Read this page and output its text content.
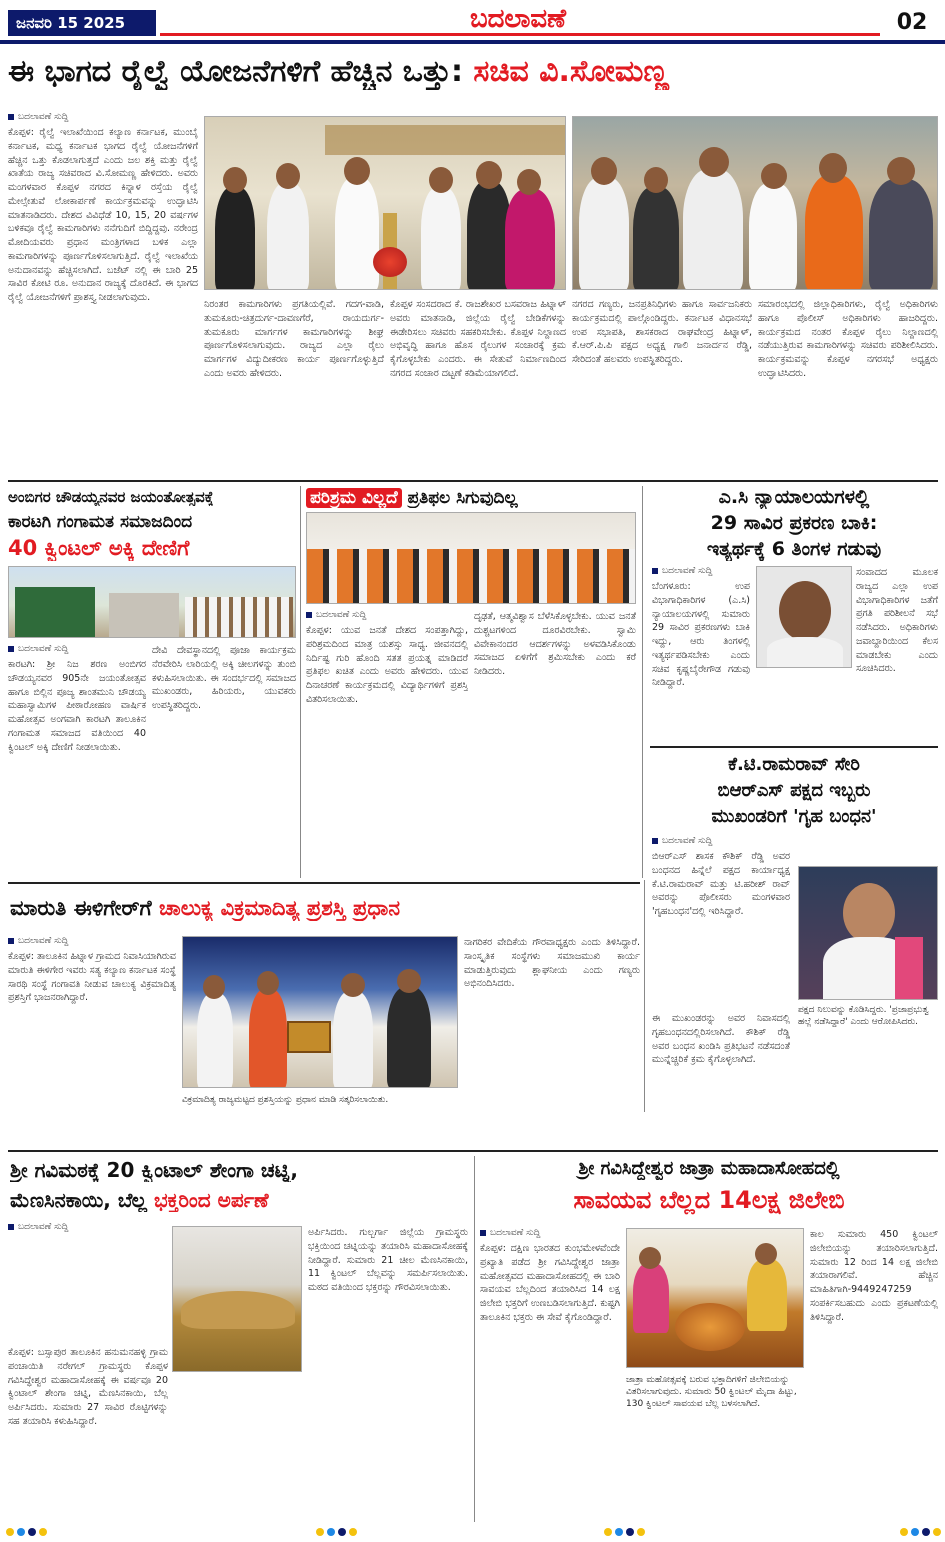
ಜನವರಿ 15 2025	ಬದಲಾವಣೆ	02
ಈ ಭಾಗದ ರೈಲ್ವೆ ಯೋಜನೆಗಳಿಗೆ ಹೆಚ್ಚಿನ ಒತ್ತು: ಸಚಿವ ವಿ.ಸೋಮಣ್ಣ
ಬದಲಾವಣೆ ಸುದ್ದಿ
ಕೊಪ್ಪಳ: ರೈಲ್ವೆ ಇಲಾಖೆಯಿಂದ ಕಲ್ಯಾಣ ಕರ್ನಾಟಕ, ಮುಂಬೈ ಕರ್ನಾಟಕ, ಮಧ್ಯ ಕರ್ನಾಟಕ ಭಾಗದ ರೈಲ್ವೆ ಯೋಜನೆಗಳಿಗೆ ಹೆಚ್ಚಿನ ಒತ್ತು ಕೊಡಲಾಗುತ್ತದೆ ಎಂದು ಜಲ ಶಕ್ತಿ ಮತ್ತು ರೈಲ್ವೆ ಖಾತೆಯ ರಾಜ್ಯ ಸಚಿವರಾದ ವಿ.ಸೋಮಣ್ಣ ಹೇಳಿದರು. ಅವರು ಮಂಗಳವಾರ ಕೊಪ್ಪಳ ನಗರದ ಕಿನ್ನಾಳ ರಸ್ತೆಯ ರೈಲ್ವೆ ಮೇಲ್ಸೇತುವೆ ಲೋಕಾರ್ಪಣೆ ಕಾರ್ಯಕ್ರಮವನ್ನು ಉದ್ಘಾಟಿಸಿ ಮಾತನಾಡಿದರು. ದೇಶದ ವಿವಿಧೆಡೆ 10, 15, 20 ವರ್ಷಗಳ ಬಳಿಕವೂ ರೈಲ್ವೆ ಕಾಮಗಾರಿಗಳು ನನೆಗುದಿಗೆ ಬಿದ್ದಿದ್ದವು. ನರೇಂದ್ರ ಮೋದಿಯವರು ಪ್ರಧಾನ ಮಂತ್ರಿಗಳಾದ ಬಳಿಕ ಎಲ್ಲಾ ಕಾಮಗಾರಿಗಳನ್ನು ಪೂರ್ಣಗೊಳಿಸಲಾಗುತ್ತಿದೆ. ರೈಲ್ವೆ ಇಲಾಖೆಯ ಅನುದಾನವನ್ನು ಹೆಚ್ಚಿಸಲಾಗಿದೆ. ಬಜೆಟ್ ನಲ್ಲಿ ಈ ಬಾರಿ 25 ಸಾವಿರ ಕೋಟಿ ರೂ. ಅನುದಾನ ರಾಜ್ಯಕ್ಕೆ ದೊರಕಿದೆ. ಈ ಭಾಗದ ರೈಲ್ವೆ ಯೋಜನೆಗಳಿಗೆ ಪ್ರಾಶಸ್ತ್ಯ ನೀಡಲಾಗುವುದು.
ನಿರಂತರ ಕಾಮಗಾರಿಗಳು ಪ್ರಗತಿಯಲ್ಲಿವೆ. ಗದಗ-ವಾಡಿ, ತುಮಕೂರು-ಚಿತ್ರದುರ್ಗ-ದಾವಣಗೆರೆ, ರಾಯದುರ್ಗ-ತುಮಕೂರು ಮಾರ್ಗಗಳ ಕಾಮಗಾರಿಗಳನ್ನು ಶೀಘ್ರ ಪೂರ್ಣಗೊಳಿಸಲಾಗುವುದು. ರಾಜ್ಯದ ಎಲ್ಲಾ ರೈಲು ಮಾರ್ಗಗಳ ವಿದ್ಯುದೀಕರಣ ಕಾರ್ಯ ಪೂರ್ಣಗೊಳ್ಳುತ್ತಿದೆ ಎಂದು ಅವರು ಹೇಳಿದರು.
ಕೊಪ್ಪಳ ಸಂಸದರಾದ ಕೆ. ರಾಜಶೇಖರ ಬಸವರಾಜ ಹಿಟ್ನಾಳ್ ಅವರು ಮಾತನಾಡಿ, ಜಿಲ್ಲೆಯ ರೈಲ್ವೆ ಬೇಡಿಕೆಗಳನ್ನು ಈಡೇರಿಸಲು ಸಚಿವರು ಸಹಕರಿಸಬೇಕು. ಕೊಪ್ಪಳ ನಿಲ್ದಾಣದ ಅಭಿವೃದ್ಧಿ ಹಾಗೂ ಹೊಸ ರೈಲುಗಳ ಸಂಚಾರಕ್ಕೆ ಕ್ರಮ ಕೈಗೊಳ್ಳಬೇಕು ಎಂದರು. ಈ ಸೇತುವೆ ನಿರ್ಮಾಣದಿಂದ ನಗರದ ಸಂಚಾರ ದಟ್ಟಣೆ ಕಡಿಮೆಯಾಗಲಿದೆ.
ನಗರದ ಗಣ್ಯರು, ಜನಪ್ರತಿನಿಧಿಗಳು ಹಾಗೂ ಸಾರ್ವಜನಿಕರು ಕಾರ್ಯಕ್ರಮದಲ್ಲಿ ಪಾಲ್ಗೊಂಡಿದ್ದರು. ಕರ್ನಾಟಕ ವಿಧಾನಸಭೆ ಉಪ ಸಭಾಪತಿ, ಶಾಸಕರಾದ ರಾಘವೇಂದ್ರ ಹಿಟ್ನಾಳ್, ಕೆ.ಆರ್.ಪಿ.ಪಿ ಪಕ್ಷದ ಅಧ್ಯಕ್ಷ ಗಾಲಿ ಜನಾರ್ದನ ರೆಡ್ಡಿ, ಸೇರಿದಂತೆ ಹಲವರು ಉಪಸ್ಥಿತರಿದ್ದರು.
ಸಮಾರಂಭದಲ್ಲಿ ಜಿಲ್ಲಾಧಿಕಾರಿಗಳು, ರೈಲ್ವೆ ಅಧಿಕಾರಿಗಳು ಹಾಗೂ ಪೊಲೀಸ್ ಅಧಿಕಾರಿಗಳು ಹಾಜರಿದ್ದರು. ಕಾರ್ಯಕ್ರಮದ ನಂತರ ಕೊಪ್ಪಳ ರೈಲು ನಿಲ್ದಾಣದಲ್ಲಿ ನಡೆಯುತ್ತಿರುವ ಕಾಮಗಾರಿಗಳನ್ನು ಸಚಿವರು ಪರಿಶೀಲಿಸಿದರು. ಕಾರ್ಯಕ್ರಮವನ್ನು ಕೊಪ್ಪಳ ನಗರಸಭೆ ಅಧ್ಯಕ್ಷರು ಉದ್ಘಾಟಿಸಿದರು.
ಅಂಬಿಗರ ಚೌಡಯ್ಯನವರ ಜಯಂತೋತ್ಸವಕ್ಕೆ
ಕಾರಟಗಿ ಗಂಗಾಮತ ಸಮಾಜದಿಂದ
40 ಕ್ವಿಂಟಲ್ ಅಕ್ಕಿ ದೇಣಿಗೆ
ಬದಲಾವಣೆ ಸುದ್ದಿ
ಕಾರಟಗಿ: ಶ್ರೀ ನಿಜ ಶರಣ ಅಂಬಿಗರ ಚೌಡಯ್ಯನವರ 905ನೇ ಜಯಂತೋತ್ಸವ ಹಾಗೂ ಬಿಲ್ಲಿನ ಪೂಜ್ಯ ಶಾಂತಮುನಿ ಚೌಡಯ್ಯ ಮಹಾಸ್ವಾಮಿಗಳ ಪೀಠಾರೋಹಣ ವಾರ್ಷಿಕ ಮಹೋತ್ಸವ ಅಂಗವಾಗಿ ಕಾರಟಗಿ ತಾಲೂಕಿನ ಗಂಗಾಮತ ಸಮಾಜದ ವತಿಯಿಂದ 40 ಕ್ವಿಂಟಲ್ ಅಕ್ಕಿ ದೇಣಿಗೆ ನೀಡಲಾಯಿತು.
ದೇವಿ ದೇವಸ್ಥಾನದಲ್ಲಿ ಪೂಜಾ ಕಾರ್ಯಕ್ರಮ ನೆರವೇರಿಸಿ ಲಾರಿಯಲ್ಲಿ ಅಕ್ಕಿ ಚೀಲಗಳನ್ನು ತುಂಬಿ ಕಳುಹಿಸಲಾಯಿತು. ಈ ಸಂದರ್ಭದಲ್ಲಿ ಸಮಾಜದ ಮುಖಂಡರು, ಹಿರಿಯರು, ಯುವಕರು ಉಪಸ್ಥಿತರಿದ್ದರು.
ಪರಿಶ್ರಮ ವಿಲ್ಲದೆ ಪ್ರತಿಫಲ ಸಿಗುವುದಿಲ್ಲ
ಬದಲಾವಣೆ ಸುದ್ದಿ
ಕೊಪ್ಪಳ: ಯುವ ಜನತೆ ದೇಶದ ಸಂಪತ್ತಾಗಿದ್ದು, ಪರಿಶ್ರಮದಿಂದ ಮಾತ್ರ ಯಶಸ್ಸು ಸಾಧ್ಯ. ಜೀವನದಲ್ಲಿ ನಿರ್ದಿಷ್ಟ ಗುರಿ ಹೊಂದಿ ಸತತ ಪ್ರಯತ್ನ ಮಾಡಿದರೆ ಪ್ರತಿಫಲ ಖಚಿತ ಎಂದು ಅವರು ಹೇಳಿದರು. ಯುವ ದಿನಾಚರಣೆ ಕಾರ್ಯಕ್ರಮದಲ್ಲಿ ವಿದ್ಯಾರ್ಥಿಗಳಿಗೆ ಪ್ರಶಸ್ತಿ ವಿತರಿಸಲಾಯಿತು.
ದೃಢತೆ, ಆತ್ಮವಿಶ್ವಾಸ ಬೆಳೆಸಿಕೊಳ್ಳಬೇಕು. ಯುವ ಜನತೆ ದುಶ್ಚಟಗಳಿಂದ ದೂರವಿರಬೇಕು. ಸ್ವಾಮಿ ವಿವೇಕಾನಂದರ ಆದರ್ಶಗಳನ್ನು ಅಳವಡಿಸಿಕೊಂಡು ಸಮಾಜದ ಏಳಿಗೆಗೆ ಶ್ರಮಿಸಬೇಕು ಎಂದು ಕರೆ ನೀಡಿದರು.
ಎ.ಸಿ ನ್ಯಾಯಾಲಯಗಳಲ್ಲಿ
29 ಸಾವಿರ ಪ್ರಕರಣ ಬಾಕಿ:
ಇತ್ಯರ್ಥಕ್ಕೆ 6 ತಿಂಗಳ ಗಡುವು
ಬದಲಾವಣೆ ಸುದ್ದಿ
ಬೆಂಗಳೂರು: ಉಪ ವಿಭಾಗಾಧಿಕಾರಿಗಳ (ಎ.ಸಿ) ನ್ಯಾಯಾಲಯಗಳಲ್ಲಿ ಸುಮಾರು 29 ಸಾವಿರ ಪ್ರಕರಣಗಳು ಬಾಕಿ ಇದ್ದು, ಆರು ತಿಂಗಳಲ್ಲಿ ಇತ್ಯರ್ಥಪಡಿಸಬೇಕು ಎಂದು ಸಚಿವ ಕೃಷ್ಣಬೈರೇಗೌಡ ಗಡುವು ನೀಡಿದ್ದಾರೆ.
ಸಂವಾದದ ಮೂಲಕ ರಾಜ್ಯದ ಎಲ್ಲಾ ಉಪ ವಿಭಾಗಾಧಿಕಾರಿಗಳ ಜತೆಗೆ ಪ್ರಗತಿ ಪರಿಶೀಲನೆ ಸಭೆ ನಡೆಸಿದರು. ಅಧಿಕಾರಿಗಳು ಜವಾಬ್ದಾರಿಯಿಂದ ಕೆಲಸ ಮಾಡಬೇಕು ಎಂದು ಸೂಚಿಸಿದರು.
ಕೆ.ಟಿ.ರಾಮರಾವ್ ಸೇರಿ
ಬಿಆರ್‌ಎಸ್ ಪಕ್ಷದ ಇಬ್ಬರು
ಮುಖಂಡರಿಗೆ 'ಗೃಹ ಬಂಧನ'
ಬದಲಾವಣೆ ಸುದ್ದಿ
ಬಿಆರ್‌ಎಸ್ ಶಾಸಕ ಕೌಶಿಕ್ ರೆಡ್ಡಿ ಅವರ ಬಂಧನದ ಹಿನ್ನೆಲೆ ಪಕ್ಷದ ಕಾರ್ಯಾಧ್ಯಕ್ಷ ಕೆ.ಟಿ.ರಾಮರಾವ್ ಮತ್ತು ಟಿ.ಹರೀಶ್ ರಾವ್ ಅವರನ್ನು ಪೊಲೀಸರು ಮಂಗಳವಾರ 'ಗೃಹಬಂಧನ'ದಲ್ಲಿ ಇರಿಸಿದ್ದಾರೆ.
ಪಕ್ಷದ ನಿಲುವನ್ನು ಕೊಡಿಸಿದ್ದರು. 'ಪ್ರಜಾಪ್ರಭುತ್ವ ಹಲ್ಲೆ ನಡೆಸಿದ್ದಾರೆ' ಎಂದು ಆರೋಪಿಸಿದರು.
ಈ ಮುಖಂಡರನ್ನು ಅವರ ನಿವಾಸದಲ್ಲಿ ಗೃಹಬಂಧನದಲ್ಲಿರಿಸಲಾಗಿದೆ. ಕೌಶಿಕ್ ರೆಡ್ಡಿ ಅವರ ಬಂಧನ ಖಂಡಿಸಿ ಪ್ರತಿಭಟನೆ ನಡೆಸದಂತೆ ಮುನ್ನೆಚ್ಚರಿಕೆ ಕ್ರಮ ಕೈಗೊಳ್ಳಲಾಗಿದೆ.
ಮಾರುತಿ ಈಳಿಗೇರ್‌ಗೆ ಚಾಲುಕ್ಯ ವಿಕ್ರಮಾದಿತ್ಯ ಪ್ರಶಸ್ತಿ ಪ್ರಧಾನ
ಬದಲಾವಣೆ ಸುದ್ದಿ
ಕೊಪ್ಪಳ: ತಾಲೂಕಿನ ಹಿಟ್ನಾಳ ಗ್ರಾಮದ ನಿವಾಸಿಯಾಗಿರುವ ಮಾರುತಿ ಈಳಿಗೇರ ಇವರು ಸತ್ಯ ಕಲ್ಯಾಣ ಕರ್ನಾಟಕ ಸಂಸ್ಥೆ ಸಾರಥಿ ಸಂಸ್ಥೆ ಗಂಗಾವತಿ ನೀಡುವ ಚಾಲುಕ್ಯ ವಿಕ್ರಮಾದಿತ್ಯ ಪ್ರಶಸ್ತಿಗೆ ಭಾಜನರಾಗಿದ್ದಾರೆ.
ವಿಕ್ರಮಾದಿತ್ಯ ರಾಜ್ಯಮಟ್ಟದ ಪ್ರಶಸ್ತಿಯನ್ನು ಪ್ರಧಾನ ಮಾಡಿ ಸತ್ಕರಿಸಲಾಯಿತು.
ನಾಗರಿಕರ ವೇದಿಕೆಯ ಗೌರವಾಧ್ಯಕ್ಷರು ಎಂದು ತಿಳಿಸಿದ್ದಾರೆ. ಸಾಂಸ್ಕೃತಿಕ ಸಂಸ್ಥೆಗಳು ಸಮಾಜಮುಖಿ ಕಾರ್ಯ ಮಾಡುತ್ತಿರುವುದು ಶ್ಲಾಘನೀಯ ಎಂದು ಗಣ್ಯರು ಅಭಿನಂದಿಸಿದರು.
ಶ್ರೀ ಗವಿಮಠಕ್ಕೆ 20 ಕ್ವಿಂಟಾಲ್ ಶೇಂಗಾ ಚಟ್ನಿ,
ಮೆಣಸಿನಕಾಯಿ, ಬೆಲ್ಲ ಭಕ್ತರಿಂದ ಅರ್ಪಣೆ
ಬದಲಾವಣೆ ಸುದ್ದಿ
ಕೊಪ್ಪಳ: ಬಸ್ಸಾಪುರ ತಾಲೂಕಿನ ಹನುಮನಹಳ್ಳಿ ಗ್ರಾಮ ಪಂಚಾಯಿತಿ ನರೇಗಲ್ ಗ್ರಾಮಸ್ಥರು ಕೊಪ್ಪಳ ಗವಿಸಿದ್ಧೇಶ್ವರ ಮಹಾದಾಸೋಹಕ್ಕೆ ಈ ವರ್ಷವೂ 20 ಕ್ವಿಂಟಾಲ್ ಶೇಂಗಾ ಚಟ್ನಿ, ಮೆಣಸಿನಕಾಯಿ, ಬೆಲ್ಲ ಅರ್ಪಿಸಿದರು. ಸುಮಾರು 27 ಸಾವಿರ ರೊಟ್ಟಿಗಳನ್ನು ಸಹ ತಯಾರಿಸಿ ಕಳುಹಿಸಿದ್ದಾರೆ.
ಅರ್ಪಿಸಿದರು. ಗುಲ್ಬರ್ಗಾ ಜಿಲ್ಲೆಯ ಗ್ರಾಮಸ್ಥರು ಭಕ್ತಿಯಿಂದ ಚಟ್ನಿಯನ್ನು ತಯಾರಿಸಿ ಮಹಾದಾಸೋಹಕ್ಕೆ ನೀಡಿದ್ದಾರೆ. ಸುಮಾರು 21 ಚೀಲ ಮೆಣಸಿನಕಾಯಿ, 11 ಕ್ವಿಂಟಲ್ ಬೆಲ್ಲವನ್ನು ಸಮರ್ಪಿಸಲಾಯಿತು. ಮಠದ ವತಿಯಿಂದ ಭಕ್ತರನ್ನು ಗೌರವಿಸಲಾಯಿತು.
ಶ್ರೀ ಗವಿಸಿದ್ದೇಶ್ವರ ಜಾತ್ರಾ ಮಹಾದಾಸೋಹದಲ್ಲಿ
ಸಾವಯವ ಬೆಲ್ಲದ 14ಲಕ್ಷ ಜಿಲೇಬಿ
ಬದಲಾವಣೆ ಸುದ್ದಿ
ಕೊಪ್ಪಳ: ದಕ್ಷಿಣ ಭಾರತದ ಕುಂಭಮೇಳವೆಂದೇ ಪ್ರಖ್ಯಾತಿ ಪಡೆದ ಶ್ರೀ ಗವಿಸಿದ್ದೇಶ್ವರ ಜಾತ್ರಾ ಮಹೋತ್ಸವದ ಮಹಾದಾಸೋಹದಲ್ಲಿ ಈ ಬಾರಿ ಸಾವಯವ ಬೆಲ್ಲದಿಂದ ತಯಾರಿಸಿದ 14 ಲಕ್ಷ ಜಿಲೇಬಿ ಭಕ್ತರಿಗೆ ಉಣಬಡಿಸಲಾಗುತ್ತಿದೆ. ಕುಷ್ಟಗಿ ತಾಲೂಕಿನ ಭಕ್ತರು ಈ ಸೇವೆ ಕೈಗೊಂಡಿದ್ದಾರೆ.
ಜಾತ್ರಾ ಮಹೋತ್ಸವಕ್ಕೆ ಬರುವ ಭಕ್ತಾದಿಗಳಿಗೆ ಜಿಲೇಬಿಯನ್ನು ವಿತರಿಸಲಾಗುವುದು. ಸುಮಾರು 50 ಕ್ವಿಂಟಲ್ ಮೈದಾ ಹಿಟ್ಟು, 130 ಕ್ವಿಂಟಲ್ ಸಾವಯವ ಬೆಲ್ಲ ಬಳಸಲಾಗಿದೆ.
ಕಾಲ ಸುಮಾರು 450 ಕ್ವಿಂಟಲ್ ಜಿಲೇಬಿಯನ್ನು ತಯಾರಿಸಲಾಗುತ್ತಿದೆ. ಸುಮಾರು 12 ರಿಂದ 14 ಲಕ್ಷ ಜಿಲೇಬಿ ತಯಾರಾಗಲಿವೆ. ಹೆಚ್ಚಿನ ಮಾಹಿತಿಗಾಗಿ-9449247259 ಸಂಪರ್ಕಿಸಬಹುದು ಎಂದು ಪ್ರಕಟಣೆಯಲ್ಲಿ ತಿಳಿಸಿದ್ದಾರೆ.
